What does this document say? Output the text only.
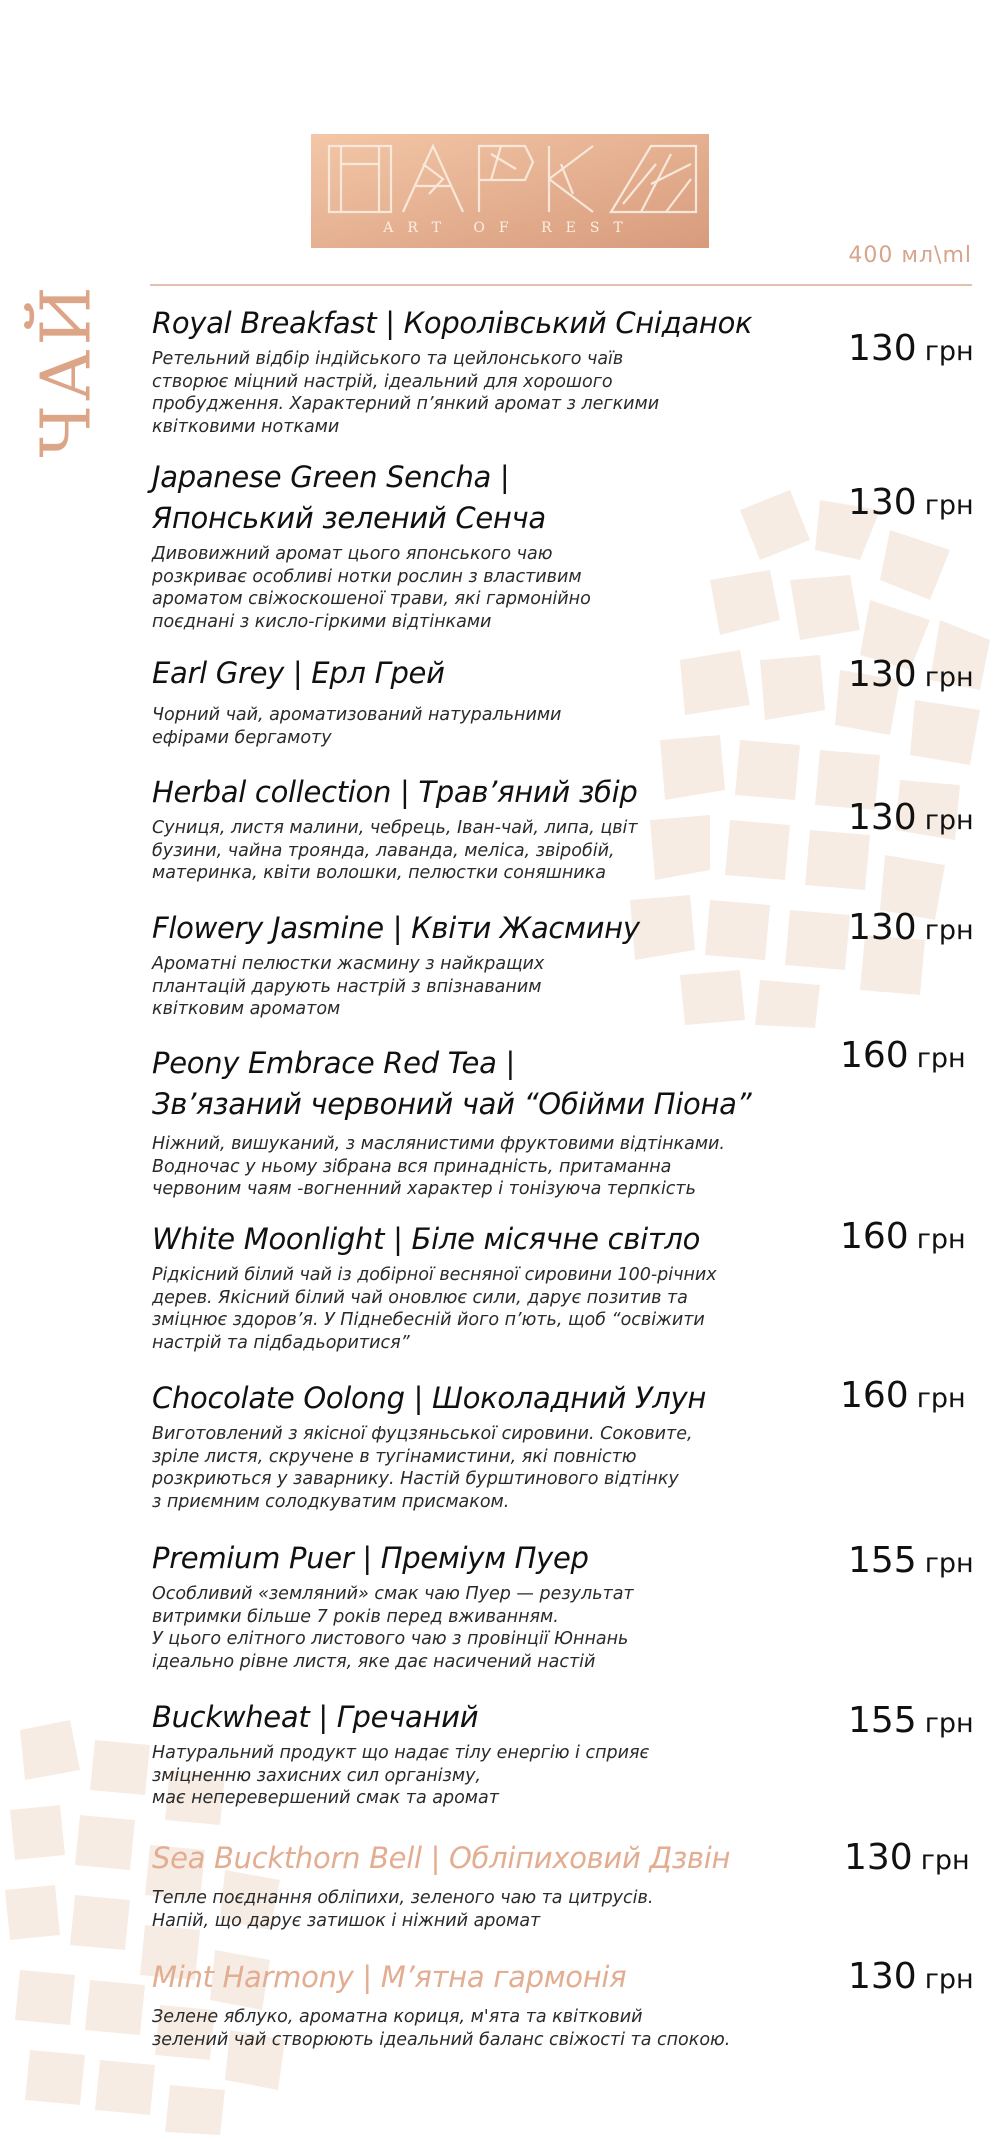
ART OF REST
400 мл\ml
ЧАЙ Royal Breakfast | Королівський Сніданок
Ретельний відбір індійського та цейлонського чаїв
створює міцний настрій, ідеальний для хорошого
пробудження. Характерний п’янкий аромат з легкими
квітковими нотками
130 грн
Japanese Green Sencha |
Японський зелений Сенча
Дивовижний аромат цього японського чаю
розкриває особливі нотки рослин з властивим
ароматом свіжоскошеної трави, які гармонійно
поєднані з кисло-гіркими відтінками
130 грн
Earl Grey | Ерл Грей
Чорний чай, ароматизований натуральними
ефірами бергамоту
130 грн
Herbal collection | Трав’яний збір
Суниця, листя малини, чебрець, Іван-чай, липа, цвіт
бузини, чайна троянда, лаванда, меліса, звіробій,
материнка, квіти волошки, пелюстки соняшника
130 грн
Flowery Jasmine | Квіти Жасмину
Ароматні пелюстки жасмину з найкращих
плантацій дарують настрій з впізнаваним
квітковим ароматом
130 грн
Peony Embrace Red Tea |
Зв’язаний червоний чай “Обійми Піона”
Ніжний, вишуканий, з маслянистими фруктовими відтінками.
Водночас у ньому зібрана вся принадність, притаманна
червоним чаям -вогненний характер і тонізуюча терпкість
160 грн
White Moonlight | Біле місячне світло
Рідкісний білий чай із добірної весняної сировини 100-річних
дерев. Якісний білий чай оновлює сили, дарує позитив та
зміцнює здоров’я. У Піднебесній його п’ють, щоб “освіжити
настрій та підбадьоритися”
160 грн
Chocolate Oolong | Шоколадний Улун
Виготовлений з якісної фуцзяньської сировини. Соковите,
зріле листя, скручене в тугінамистини, які повністю
розкриються у заварнику. Настій бурштинового відтінку
з приємним солодкуватим присмаком.
160 грн
Premium Puer | Преміум Пуер
Особливий «земляний» смак чаю Пуер — результат
витримки більше 7 років перед вживанням.
У цього елітного листового чаю з провінції Юннань
ідеально рівне листя, яке дає насичений настій
155 грн
Buckwheat | Гречаний
Натуральний продукт що надає тілу енергію і сприяє
зміцненню захисних сил організму,
має неперевершений смак та аромат
155 грн
Sea Buckthorn Bell | Обліпиховий Дзвін
Тепле поєднання обліпихи, зеленого чаю та цитрусів.
Напій, що дарує затишок і ніжний аромат
130 грн
Mint Harmony | М’ятна гармонія
Зелене яблуко, ароматна кориця, м'ята та квітковий
зелений чай створюють ідеальний баланс свіжості та спокою.
130 грн
